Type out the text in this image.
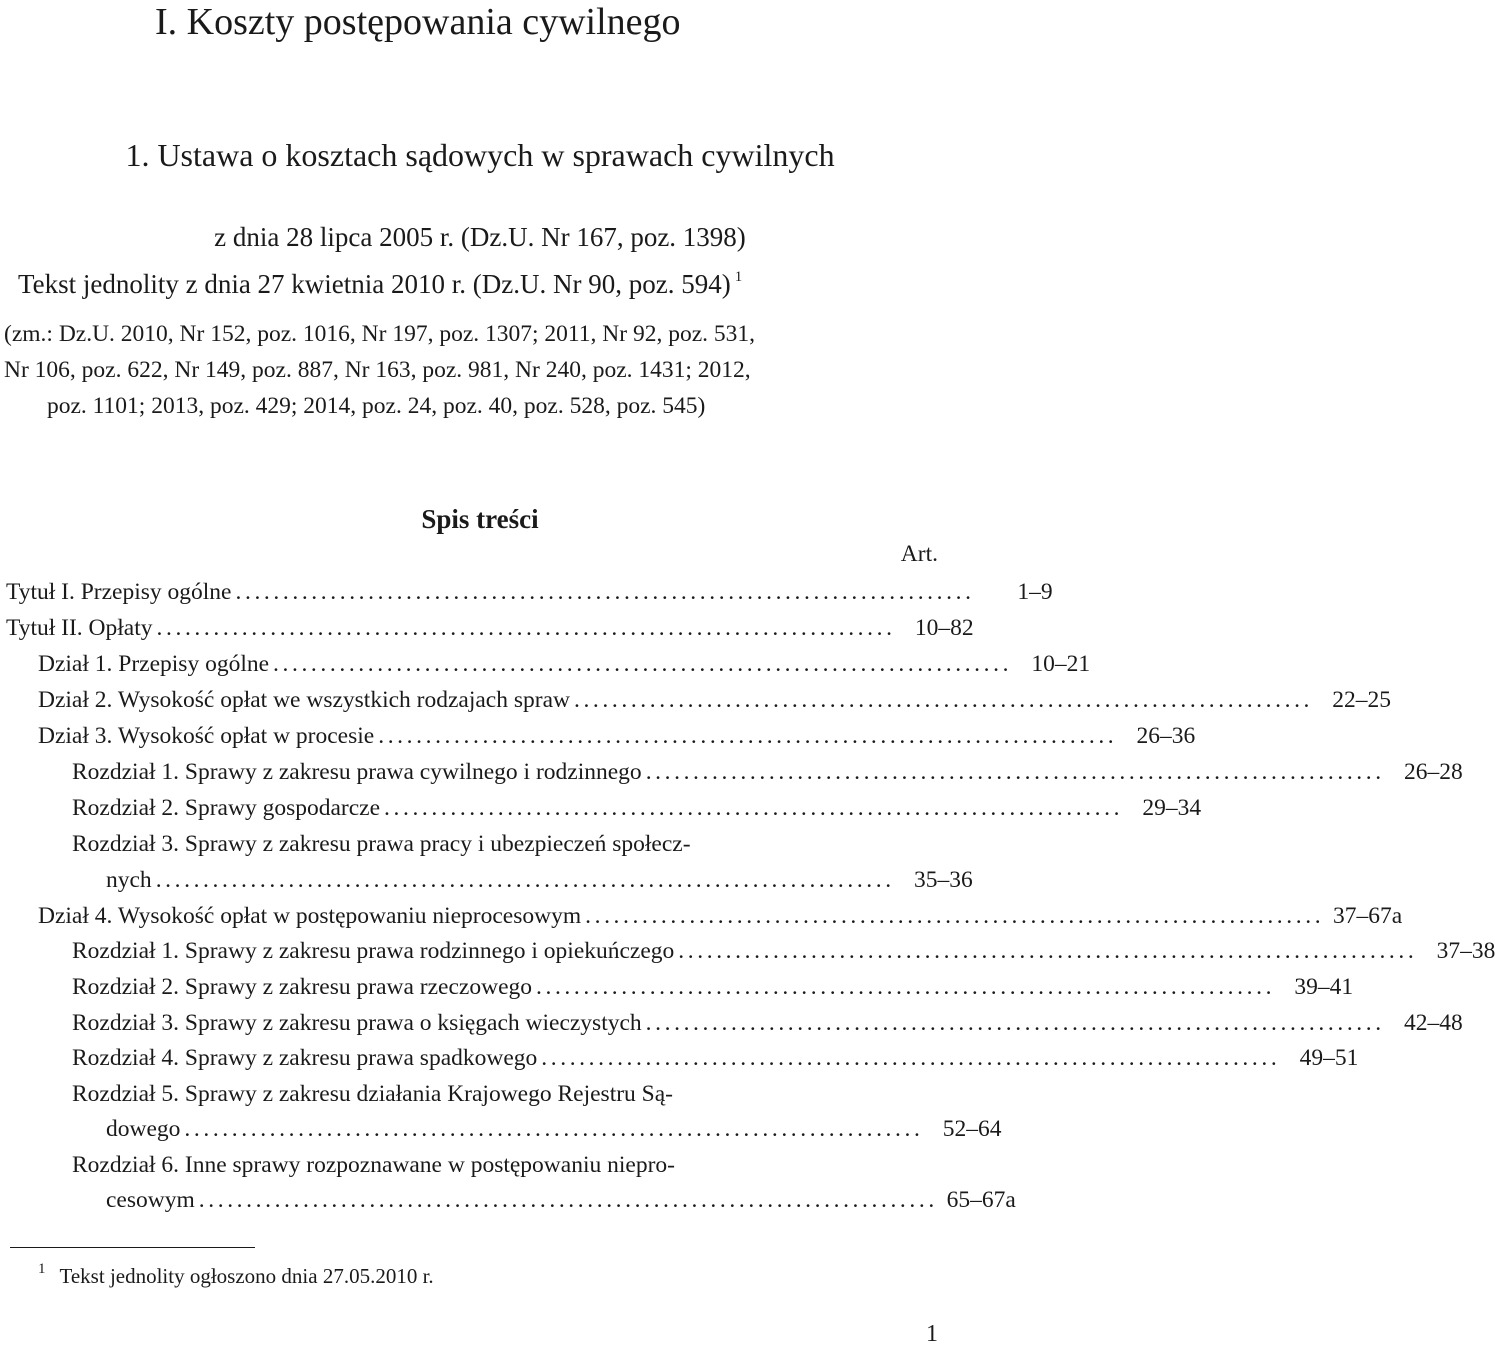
I. Koszty postępowania cywilnego
1. Ustawa o kosztach sądowych w sprawach cywilnych
z dnia 28 lipca 2005 r. (Dz.U. Nr 167, poz. 1398)
Tekst jednolity z dnia 27 kwietnia 2010 r. (Dz.U. Nr 90, poz. 594) $^1$
(zm.: Dz.U. 2010, Nr 152, poz. 1016, Nr 197, poz. 1307; 2011, Nr 92, poz. 531,
Nr 106, poz. 622, Nr 149, poz. 887, Nr 163, poz. 981, Nr 240, poz. 1431; 2012,
poz. 1101; 2013, poz. 429; 2014, poz. 24, poz. 40, poz. 528, poz. 545)
Spis treści
Art.
Tytuł I. Przepisy ogólne ..............................................................................	1–9
Tytuł II. Opłaty .............................................................................. 10–82
Dział 1. Przepisy ogólne .............................................................................. 10–21
Dział 2. Wysokość opłat we wszystkich rodzajach spraw .............................................................................. 22–25
Dział 3. Wysokość opłat w procesie .............................................................................. 26–36
Rozdział 1. Sprawy z zakresu prawa cywilnego i rodzinnego .............................................................................. 26–28
Rozdział 2. Sprawy gospodarcze .............................................................................. 29–34
Rozdział 3. Sprawy z zakresu prawa pracy i ubezpieczeń społecz-
nych .............................................................................. 35–36
Dział 4. Wysokość opłat w postępowaniu nieprocesowym .............................................................................. 37–67a
Rozdział 1. Sprawy z zakresu prawa rodzinnego i opiekuńczego .............................................................................. 37–38
Rozdział 2. Sprawy z zakresu prawa rzeczowego .............................................................................. 39–41
Rozdział 3. Sprawy z zakresu prawa o księgach wieczystych .............................................................................. 42–48
Rozdział 4. Sprawy z zakresu prawa spadkowego .............................................................................. 49–51
Rozdział 5. Sprawy z zakresu działania Krajowego Rejestru Są-
dowego .............................................................................. 52–64
Rozdział 6. Inne sprawy rozpoznawane w postępowaniu niepro-
cesowym .............................................................................. 65–67a
$^1$ Tekst jednolity ogłoszono dnia 27.05.2010 r.
1
